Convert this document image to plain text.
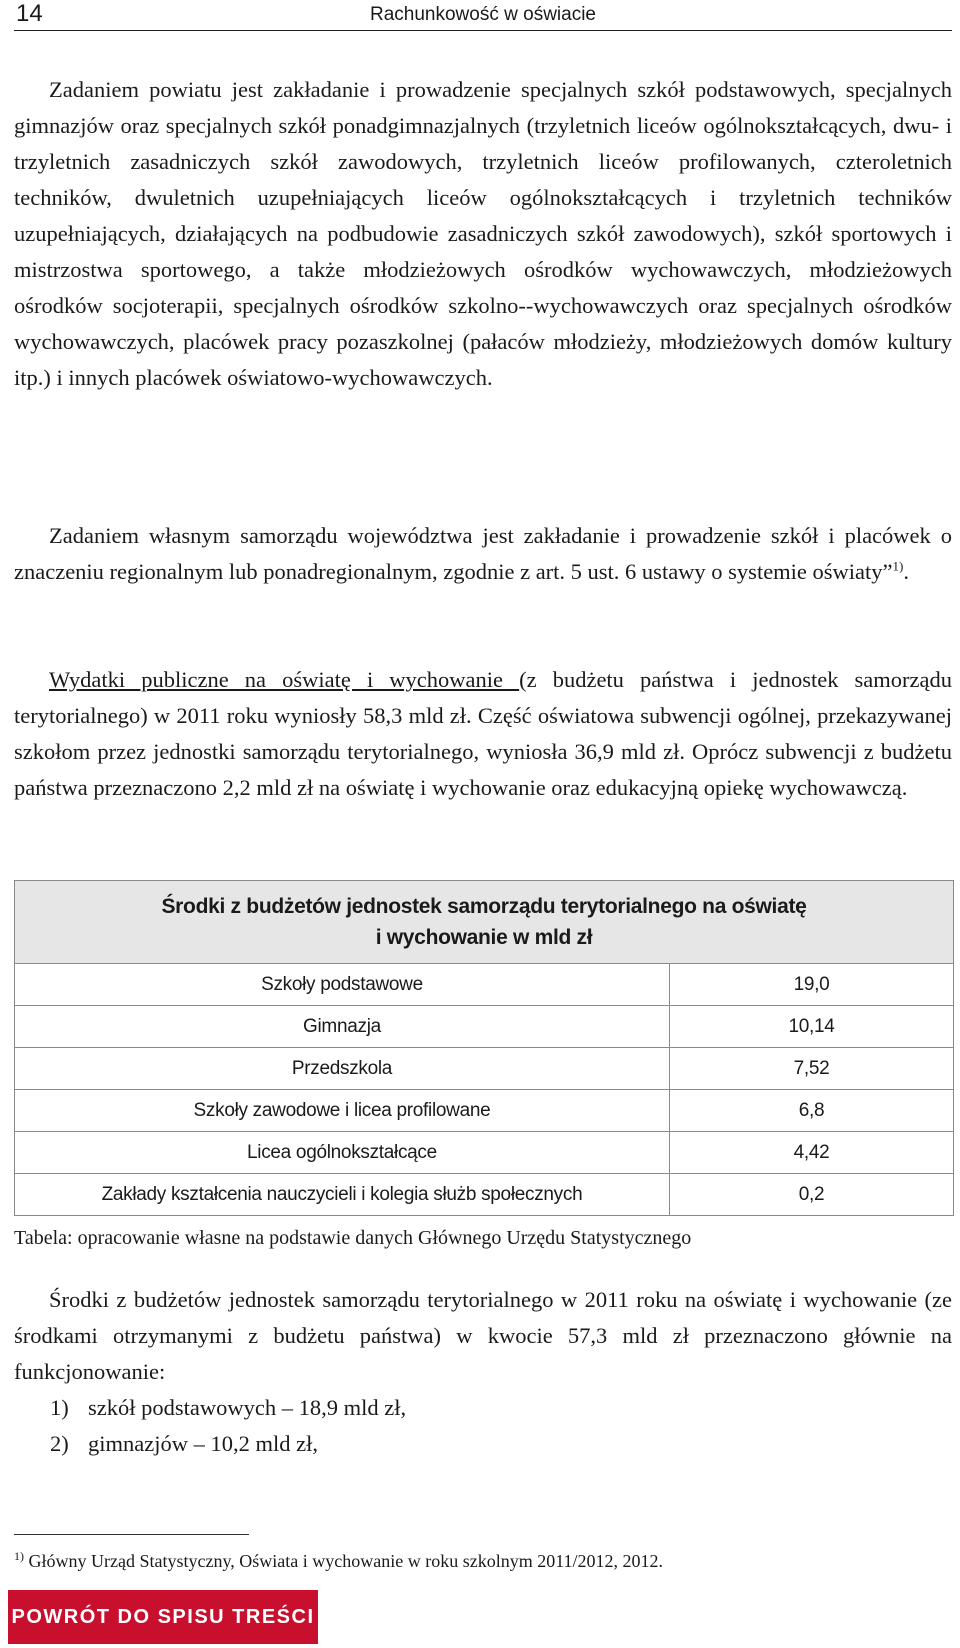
14	Rachunkowość w oświacie

Zadaniem powiatu jest zakładanie i prowadzenie specjalnych szkół podstawowych, specjalnych gimnazjów oraz specjalnych szkół ponadgimnazjalnych (trzyletnich liceów ogólnokształcących, dwu- i trzyletnich zasadniczych szkół zawodowych, trzyletnich liceów profilowanych, czteroletnich techników, dwuletnich uzupełniających liceów ogólnokształcących i trzyletnich techników uzupełniających, działających na podbudowie zasadniczych szkół zawodowych), szkół sportowych i mistrzostwa sportowego, a także młodzieżowych ośrodków wychowawczych, młodzieżowych ośrodków socjoterapii, specjalnych ośrodków szkolno--wychowawczych oraz specjalnych ośrodków wychowawczych, placówek pracy pozaszkolnej (pałaców młodzieży, młodzieżowych domów kultury itp.) i innych placówek oświatowo-wychowawczych.

Zadaniem własnym samorządu województwa jest zakładanie i prowadzenie szkół i placówek o znaczeniu regionalnym lub ponadregionalnym, zgodnie z art. 5 ust. 6 ustawy o systemie oświaty”$^{1)}$.

Wydatki publiczne na oświatę i wychowanie (z budżetu państwa i jednostek samorządu terytorialnego) w 2011 roku wyniosły 58,3 mld zł. Część oświatowa subwencji ogólnej, przekazywanej szkołom przez jednostki samorządu terytorialnego, wyniosła 36,9 mld zł. Oprócz subwencji z budżetu państwa przeznaczono 2,2 mld zł na oświatę i wychowanie oraz edukacyjną opiekę wychowawczą.

Środki z budżetów jednostek samorządu terytorialnego na oświatę
i wychowanie w mld zł	
Szkoły podstawowe	19,0
Gimnazja	10,14
Przedszkola	7,52
Szkoły zawodowe i licea profilowane	6,8
Licea ogólnokształcące	4,42
Zakłady kształcenia nauczycieli i kolegia służb społecznych	0,2
Tabela: opracowanie własne na podstawie danych Głównego Urzędu Statystycznego

Środki z budżetów jednostek samorządu terytorialnego w 2011 roku na oświatę i wychowanie (ze środkami otrzymanymi z budżetu państwa) w kwocie 57,3 mld zł przeznaczono głównie na funkcjonowanie:

1) szkół podstawowych – 18,9 mld zł,
2) gimnazjów – 10,2 mld zł,
$^{1)}$ Główny Urząd Statystyczny, Oświata i wychowanie w roku szkolnym 2011/2012, 2012.
POWRÓT DO SPISU TREŚCI
